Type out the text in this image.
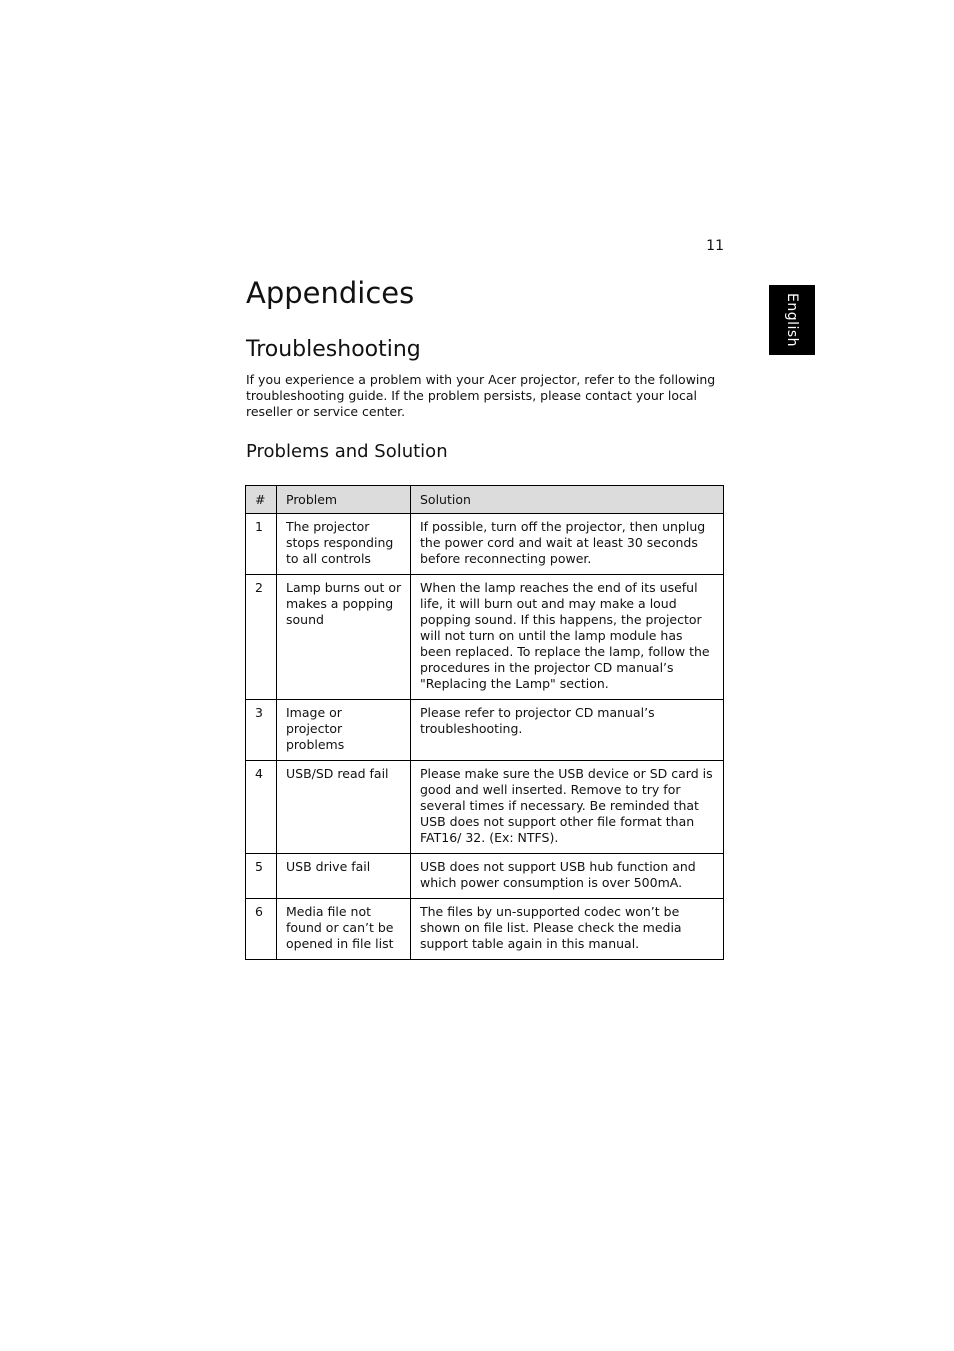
11
English
Appendices
Troubleshooting

If you experience a problem with your Acer projector, refer to the following troubleshooting guide. If the problem persists, please contact your local reseller or service center.

Problems and Solution
#	Problem	Solution
1	The projector stops responding to all controls	If possible, turn off the projector, then unplug the power cord and wait at least 30 seconds before reconnecting power.
2	Lamp burns out or makes a popping sound	When the lamp reaches the end of its useful life, it will burn out and may make a loud popping sound. If this happens, the projector will not turn on until the lamp module has been replaced. To replace the lamp, follow the procedures in the projector CD manual’s "Replacing the Lamp" section.
3	Image or projector problems	Please refer to projector CD manual’s troubleshooting.
4	USB/SD read fail	Please make sure the USB device or SD card is good and well inserted. Remove to try for several times if necessary. Be reminded that USB does not support other file format than FAT16/ 32. (Ex: NTFS).
5	USB drive fail	USB does not support USB hub function and which power consumption is over 500mA.
6	Media file not found or can’t be opened in file list	The files by un-supported codec won’t be shown on file list. Please check the media support table again in this manual.
